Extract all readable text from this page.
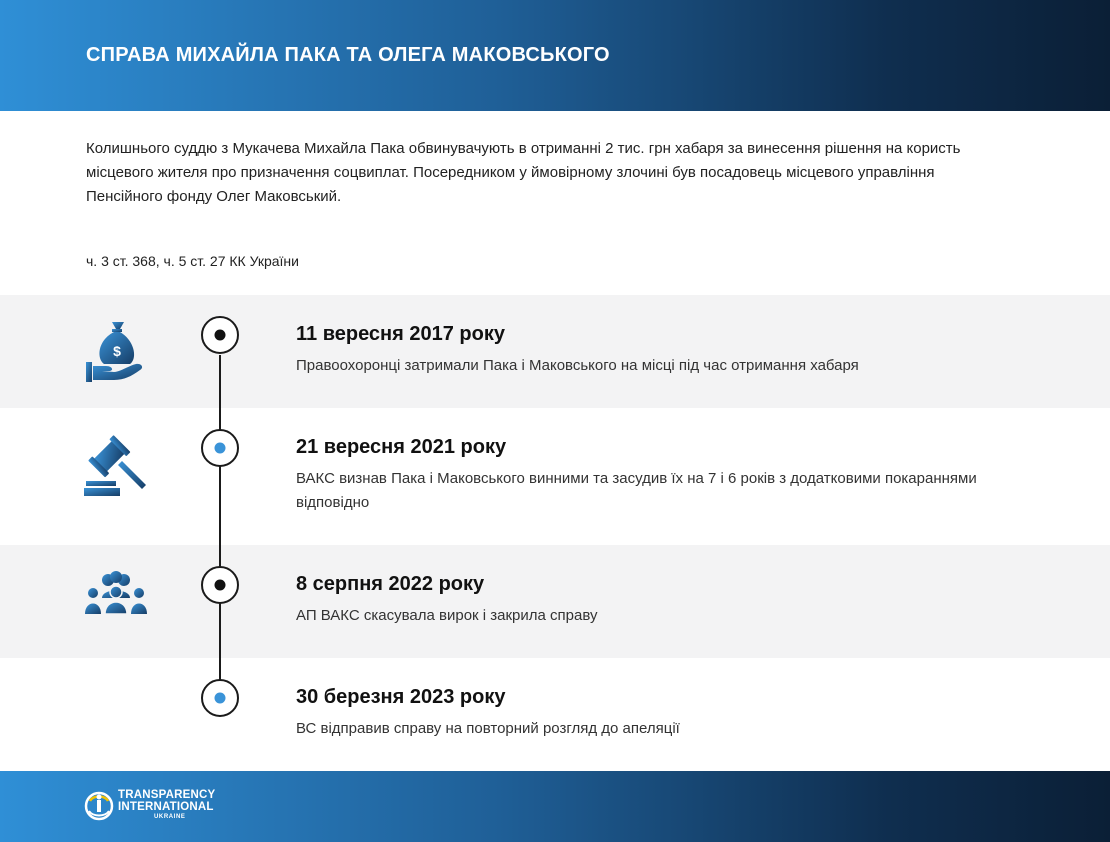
СПРАВА МИХАЙЛА ПАКА ТА ОЛЕГА МАКОВСЬКОГО

Колишнього суддю з Мукачева Михайла Пака обвинувачують в отриманні 2 тис. грн хабаря за винесення рішення на користь місцевого жителя про призначення соцвиплат. Посередником у ймовірному злочині був посадовець місцевого управління Пенсійного фонду Олег Маковський.

ч. 3 ст. 368, ч. 5 ст. 27 КК України

$
11 вересня 2017 року
Правоохоронці затримали Пака і Маковського на місці під час отримання хабаря
21 вересня 2021 року
ВАКС визнав Пака і Маковського винними та засудив їх на 7 і 6 років з додатковими покараннями відповідно
8 серпня 2022 року
АП ВАКС скасувала вирок і закрила справу
30 березня 2023 року
ВС відправив справу на повторний розгляд до апеляції
TRANSPARENCY
INTERNATIONAL
UKRAINE
